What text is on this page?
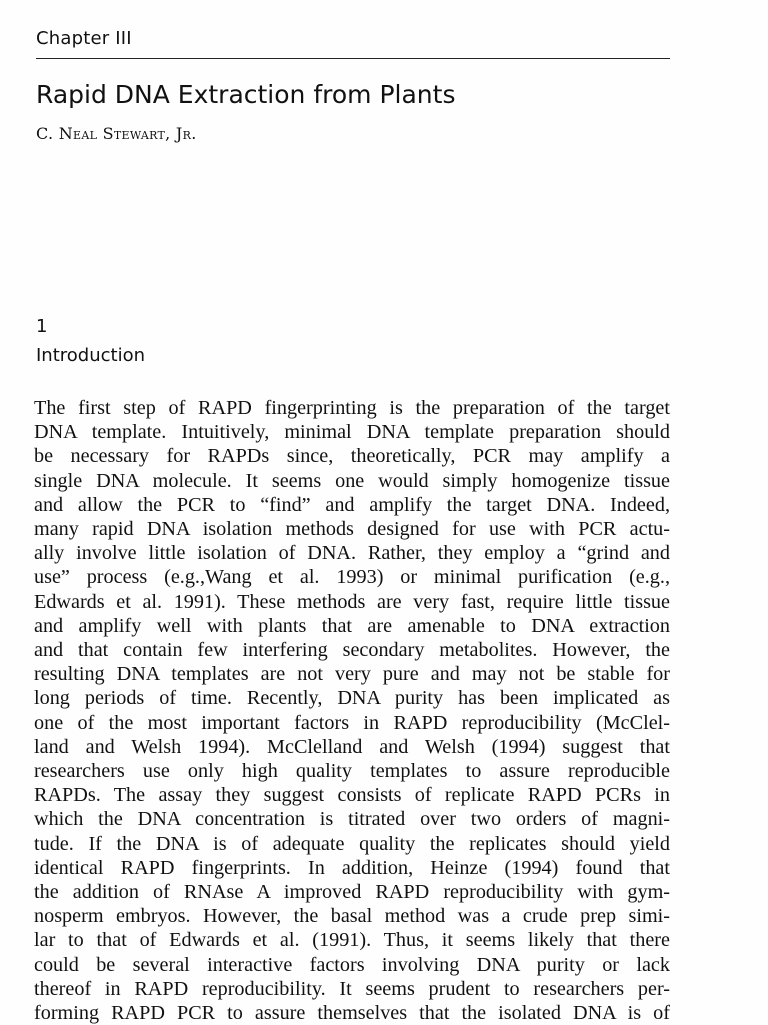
Chapter III
Rapid DNA Extraction from Plants
C. Neal Stewart, Jr.
1
Introduction
The first step of RAPD fingerprinting is the preparation of the target
DNA template. Intuitively, minimal DNA template preparation should
be necessary for RAPDs since, theoretically, PCR may amplify a
single DNA molecule. It seems one would simply homogenize tissue
and allow the PCR to “find” and amplify the target DNA. Indeed,
many rapid DNA isolation methods designed for use with PCR actu-
ally involve little isolation of DNA. Rather, they employ a “grind and
use” process (e.g.,Wang et al. 1993) or minimal purification (e.g.,
Edwards et al. 1991). These methods are very fast, require little tissue
and amplify well with plants that are amenable to DNA extraction
and that contain few interfering secondary metabolites. However, the
resulting DNA templates are not very pure and may not be stable for
long periods of time. Recently, DNA purity has been implicated as
one of the most important factors in RAPD reproducibility (McClel-
land and Welsh 1994). McClelland and Welsh (1994) suggest that
researchers use only high quality templates to assure reproducible
RAPDs. The assay they suggest consists of replicate RAPD PCRs in
which the DNA concentration is titrated over two orders of magni-
tude. If the DNA is of adequate quality the replicates should yield
identical RAPD fingerprints. In addition, Heinze (1994) found that
the addition of RNAse A improved RAPD reproducibility with gym-
nosperm embryos. However, the basal method was a crude prep simi-
lar to that of Edwards et al. (1991). Thus, it seems likely that there
could be several interactive factors involving DNA purity or lack
thereof in RAPD reproducibility. It seems prudent to researchers per-
forming RAPD PCR to assure themselves that the isolated DNA is of
